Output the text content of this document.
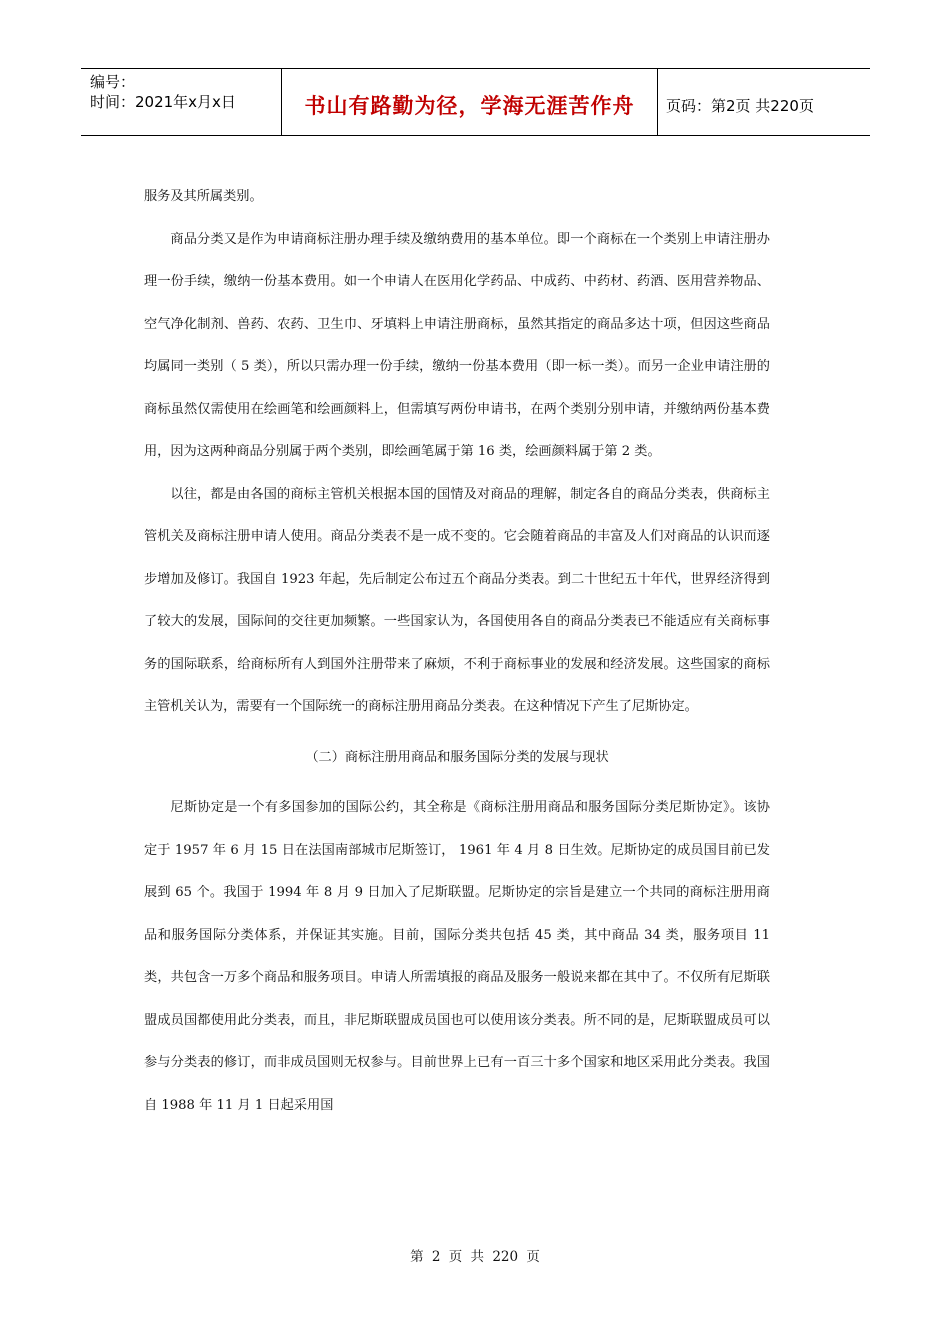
编号：
时间：2021年x月x日	书山有路勤为径，学海无涯苦作舟	页码：第2页 共220页

服务及其所属类别。

商品分类又是作为申请商标注册办理手续及缴纳费用的基本单位。即一个商标在一个类别上申请注册办理一份手续，缴纳一份基本费用。如一个申请人在医用化学药品、中成药、中药材、药酒、医用营养物品、空气净化制剂、兽药、农药、卫生巾、牙填料上申请注册商标，虽然其指定的商品多达十项，但因这些商品均属同一类别（ 5 类），所以只需办理一份手续，缴纳一份基本费用（即一标一类）。而另一企业申请注册的商标虽然仅需使用在绘画笔和绘画颜料上，但需填写两份申请书，在两个类别分别申请，并缴纳两份基本费用，因为这两种商品分别属于两个类别，即绘画笔属于第 16 类，绘画颜料属于第 2 类。

以往，都是由各国的商标主管机关根据本国的国情及对商品的理解，制定各自的商品分类表，供商标主管机关及商标注册申请人使用。商品分类表不是一成不变的。它会随着商品的丰富及人们对商品的认识而逐步增加及修订。我国自 1923 年起，先后制定公布过五个商品分类表。到二十世纪五十年代，世界经济得到了较大的发展，国际间的交往更加频繁。一些国家认为，各国使用各自的商品分类表已不能适应有关商标事务的国际联系，给商标所有人到国外注册带来了麻烦，不利于商标事业的发展和经济发展。这些国家的商标主管机关认为，需要有一个国际统一的商标注册用商品分类表。在这种情况下产生了尼斯协定。

（二）商标注册用商品和服务国际分类的发展与现状

尼斯协定是一个有多国参加的国际公约，其全称是《商标注册用商品和服务国际分类尼斯协定》。该协定于 1957 年 6 月 15 日在法国南部城市尼斯签订， 1961 年 4 月 8 日生效。尼斯协定的成员国目前已发展到 65 个。我国于 1994 年 8 月 9 日加入了尼斯联盟。尼斯协定的宗旨是建立一个共同的商标注册用商品和服务国际分类体系，并保证其实施。目前，国际分类共包括 45 类，其中商品 34 类，服务项目 11 类，共包含一万多个商品和服务项目。申请人所需填报的商品及服务一般说来都在其中了。不仅所有尼斯联盟成员国都使用此分类表，而且，非尼斯联盟成员国也可以使用该分类表。所不同的是，尼斯联盟成员可以参与分类表的修订，而非成员国则无权参与。目前世界上已有一百三十多个国家和地区采用此分类表。我国自 1988 年 11 月 1 日起采用国

第 2 页 共 220 页
